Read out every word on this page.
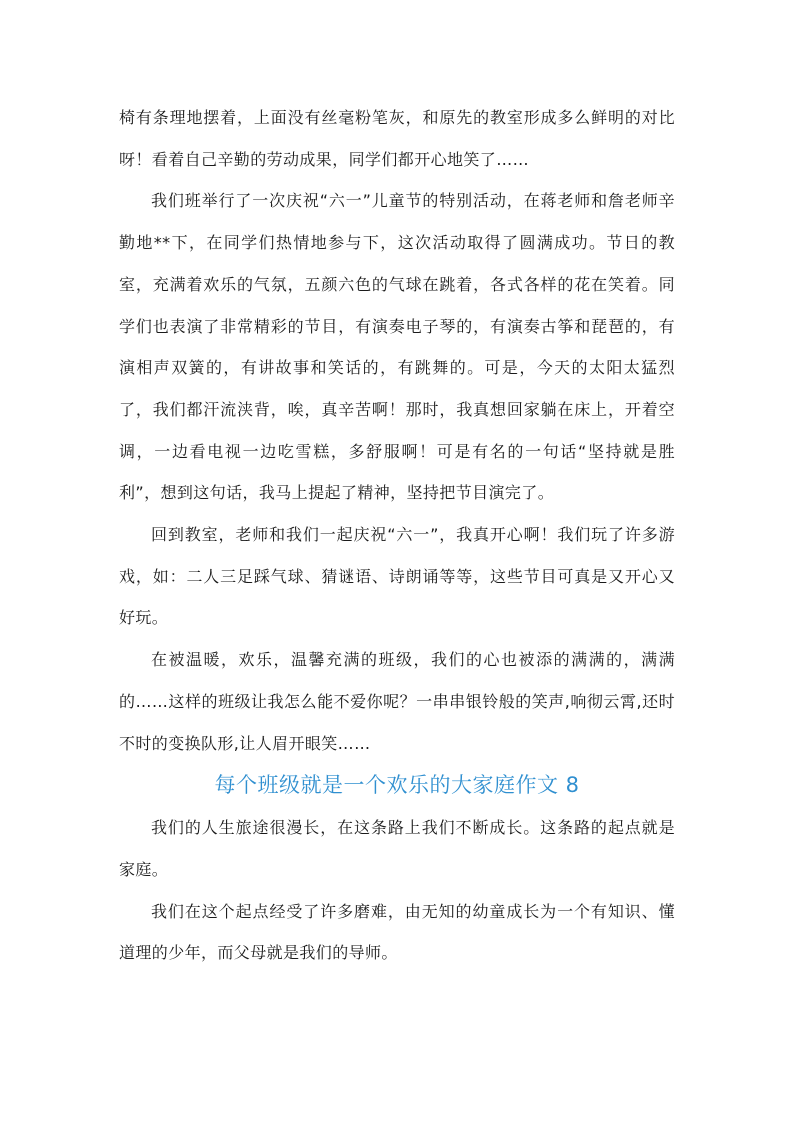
椅有条理地摆着，上面没有丝毫粉笔灰，和原先的教室形成多么鲜明的对比呀！看着自己辛勤的劳动成果，同学们都开心地笑了……

我们班举行了一次庆祝“六一”儿童节的特别活动，在蒋老师和詹老师辛勤地**下，在同学们热情地参与下，这次活动取得了圆满成功。节日的教室，充满着欢乐的气氛，五颜六色的气球在跳着，各式各样的花在笑着。同学们也表演了非常精彩的节目，有演奏电子琴的，有演奏古筝和琵琶的，有演相声双簧的，有讲故事和笑话的，有跳舞的。可是，今天的太阳太猛烈了，我们都汗流浃背，唉，真辛苦啊！那时，我真想回家躺在床上，开着空调，一边看电视一边吃雪糕，多舒服啊！可是有名的一句话“坚持就是胜利”，想到这句话，我马上提起了精神，坚持把节目演完了。

回到教室，老师和我们一起庆祝“六一”，我真开心啊！我们玩了许多游戏，如：二人三足踩气球、猜谜语、诗朗诵等等，这些节目可真是又开心又好玩。

在被温暖，欢乐，温馨充满的班级，我们的心也被添的满满的，满满的……这样的班级让我怎么能不爱你呢？一串串银铃般的笑声,响彻云霄,还时不时的变换队形,让人眉开眼笑……

每个班级就是一个欢乐的大家庭作文 8

我们的人生旅途很漫长，在这条路上我们不断成长。这条路的起点就是家庭。

我们在这个起点经受了许多磨难，由无知的幼童成长为一个有知识、懂道理的少年，而父母就是我们的导师。
